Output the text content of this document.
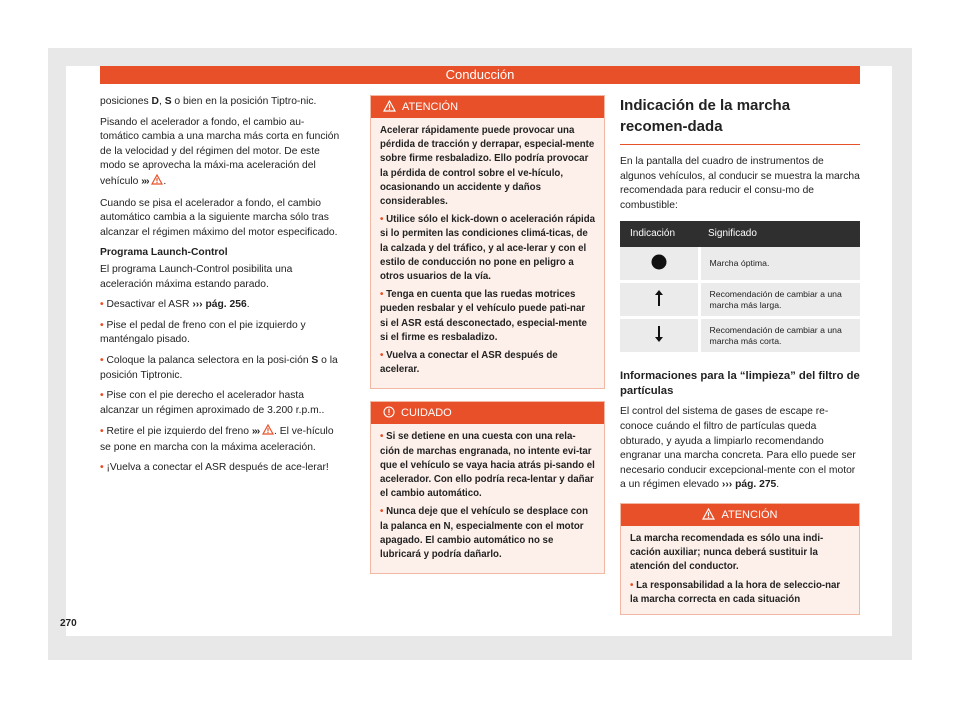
Conducción

posiciones D, S o bien en la posición Tiptro-nic.

Pisando el acelerador a fondo, el cambio au-tomático cambia a una marcha más corta en función de la velocidad y del régimen del motor. De este modo se aprovecha la máxi-ma aceleración del vehículo ››› .

Cuando se pisa el acelerador a fondo, el cambio automático cambia a la siguiente marcha sólo tras alcanzar el régimen máximo del motor especificado.

Programa Launch-Control

El programa Launch-Control posibilita una aceleración máxima estando parado.

• Desactivar el ASR ››› pág. 256.

• Pise el pedal de freno con el pie izquierdo y manténgalo pisado.

• Coloque la palanca selectora en la posi-ción S o la posición Tiptronic.

• Pise con el pie derecho el acelerador hasta alcanzar un régimen aproximado de 3.200 r.p.m..

• Retire el pie izquierdo del freno ››› . El ve-hículo se pone en marcha con la máxima aceleración.

• ¡Vuelva a conectar el ASR después de ace-lerar!

ATENCIÓN

Acelerar rápidamente puede provocar una pérdida de tracción y derrapar, especial-mente sobre firme resbaladizo. Ello podría provocar la pérdida de control sobre el ve-hículo, ocasionando un accidente y daños considerables.

• Utilice sólo el kick-down o aceleración rápida si lo permiten las condiciones climá-ticas, de la calzada y del tráfico, y al ace-lerar y con el estilo de conducción no pone en peligro a otros usuarios de la vía.

• Tenga en cuenta que las ruedas motrices pueden resbalar y el vehículo puede pati-nar si el ASR está desconectado, especial-mente si el firme es resbaladizo.

• Vuelva a conectar el ASR después de acelerar.

CUIDADO

• Si se detiene en una cuesta con una rela-ción de marchas engranada, no intente evi-tar que el vehículo se vaya hacia atrás pi-sando el acelerador. Con ello podría reca-lentar y dañar el cambio automático.

• Nunca deje que el vehículo se desplace con la palanca en N, especialmente con el motor apagado. El cambio automático no se lubricará y podría dañarlo.

Indicación de la marcha recomen-dada

En la pantalla del cuadro de instrumentos de algunos vehículos, al conducir se muestra la marcha recomendada para reducir el consu-mo de combustible:

Indicación	Significado
	Marcha óptima.
	Recomendación de cambiar a una marcha más larga.
	Recomendación de cambiar a una marcha más corta.
Informaciones para la “limpieza” del filtro de partículas

El control del sistema de gases de escape re-conoce cuándo el filtro de partículas queda obturado, y ayuda a limpiarlo recomendando engranar una marcha concreta. Para ello puede ser necesario conducir excepcional-mente con el motor a un régimen elevado ››› pág. 275.

ATENCIÓN

La marcha recomendada es sólo una indi-cación auxiliar; nunca deberá sustituir la atención del conductor.

• La responsabilidad a la hora de seleccio-nar la marcha correcta en cada situación

270
